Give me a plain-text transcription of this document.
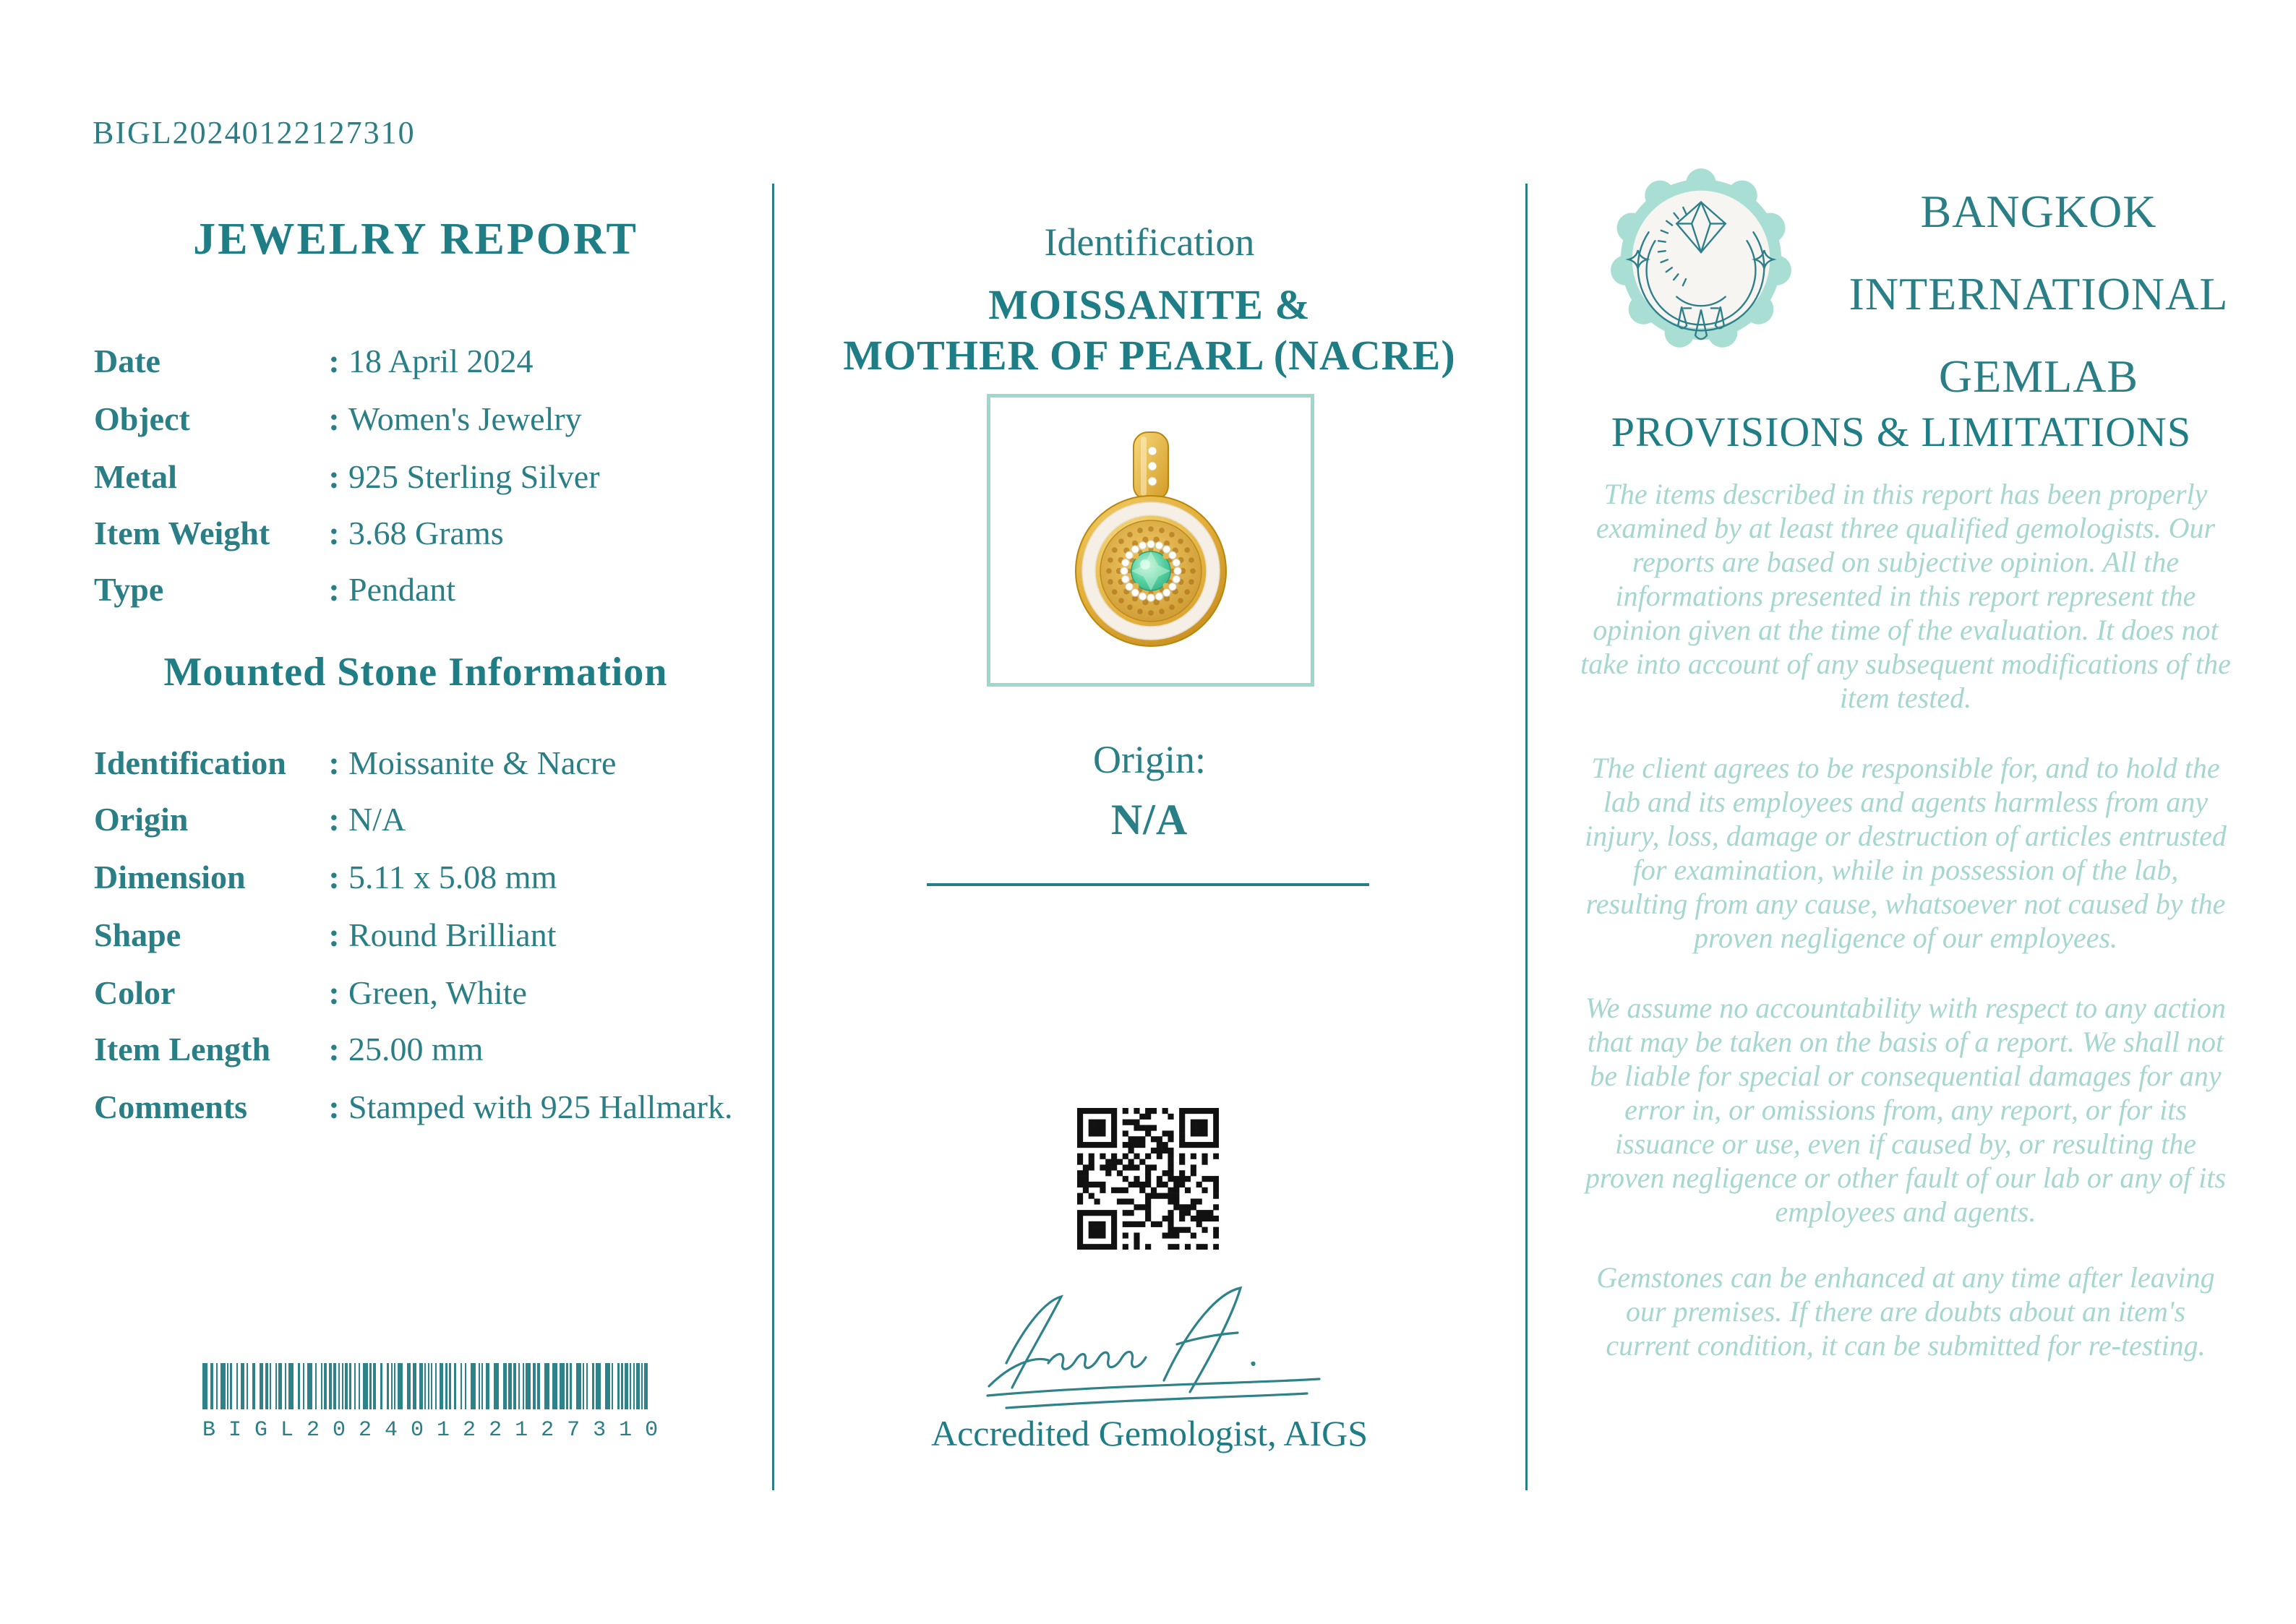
BIGL20240122127310
JEWELRY REPORT
Date	: 18 April 2024
Object	: Women's Jewelry
Metal	: 925 Sterling Silver
Item Weight	: 3.68 Grams
Type	: Pendant
Mounted Stone Information
Identification	: Moissanite & Nacre
Origin	: N/A
Dimension	: 5.11 x 5.08 mm
Shape	: Round Brilliant
Color	: Green, White
Item Length	: 25.00 mm
Comments	: Stamped with 925 Hallmark.
B I G L 2 0 2 4 0 1 2 2 1 2 7 3 1 0
Identification
MOISSANITE &
MOTHER OF PEARL (NACRE)
Origin:
N/A
Accredited Gemologist, AIGS
BANGKOK
INTERNATIONAL
GEMLAB
PROVISIONS & LIMITATIONS

The items described in this report has been properly examined by at least three qualified gemologists. Our reports are based on subjective opinion. All the informations presented in this report represent the opinion given at the time of the evaluation. It does not take into account of any subsequent modifications of the item tested.

The client agrees to be responsible for, and to hold the lab and its employees and agents harmless from any injury, loss, damage or destruction of articles entrusted for examination, while in possession of the lab, resulting from any cause, whatsoever not caused by the proven negligence of our employees.

We assume no accountability with respect to any action that may be taken on the basis of a report. We shall not be liable for special or consequential damages for any error in, or omissions from, any report, or for its issuance or use, even if caused by, or resulting the proven negligence or other fault of our lab or any of its employees and agents.

Gemstones can be enhanced at any time after leaving our premises. If there are doubts about an item's current condition, it can be submitted for re-testing.
